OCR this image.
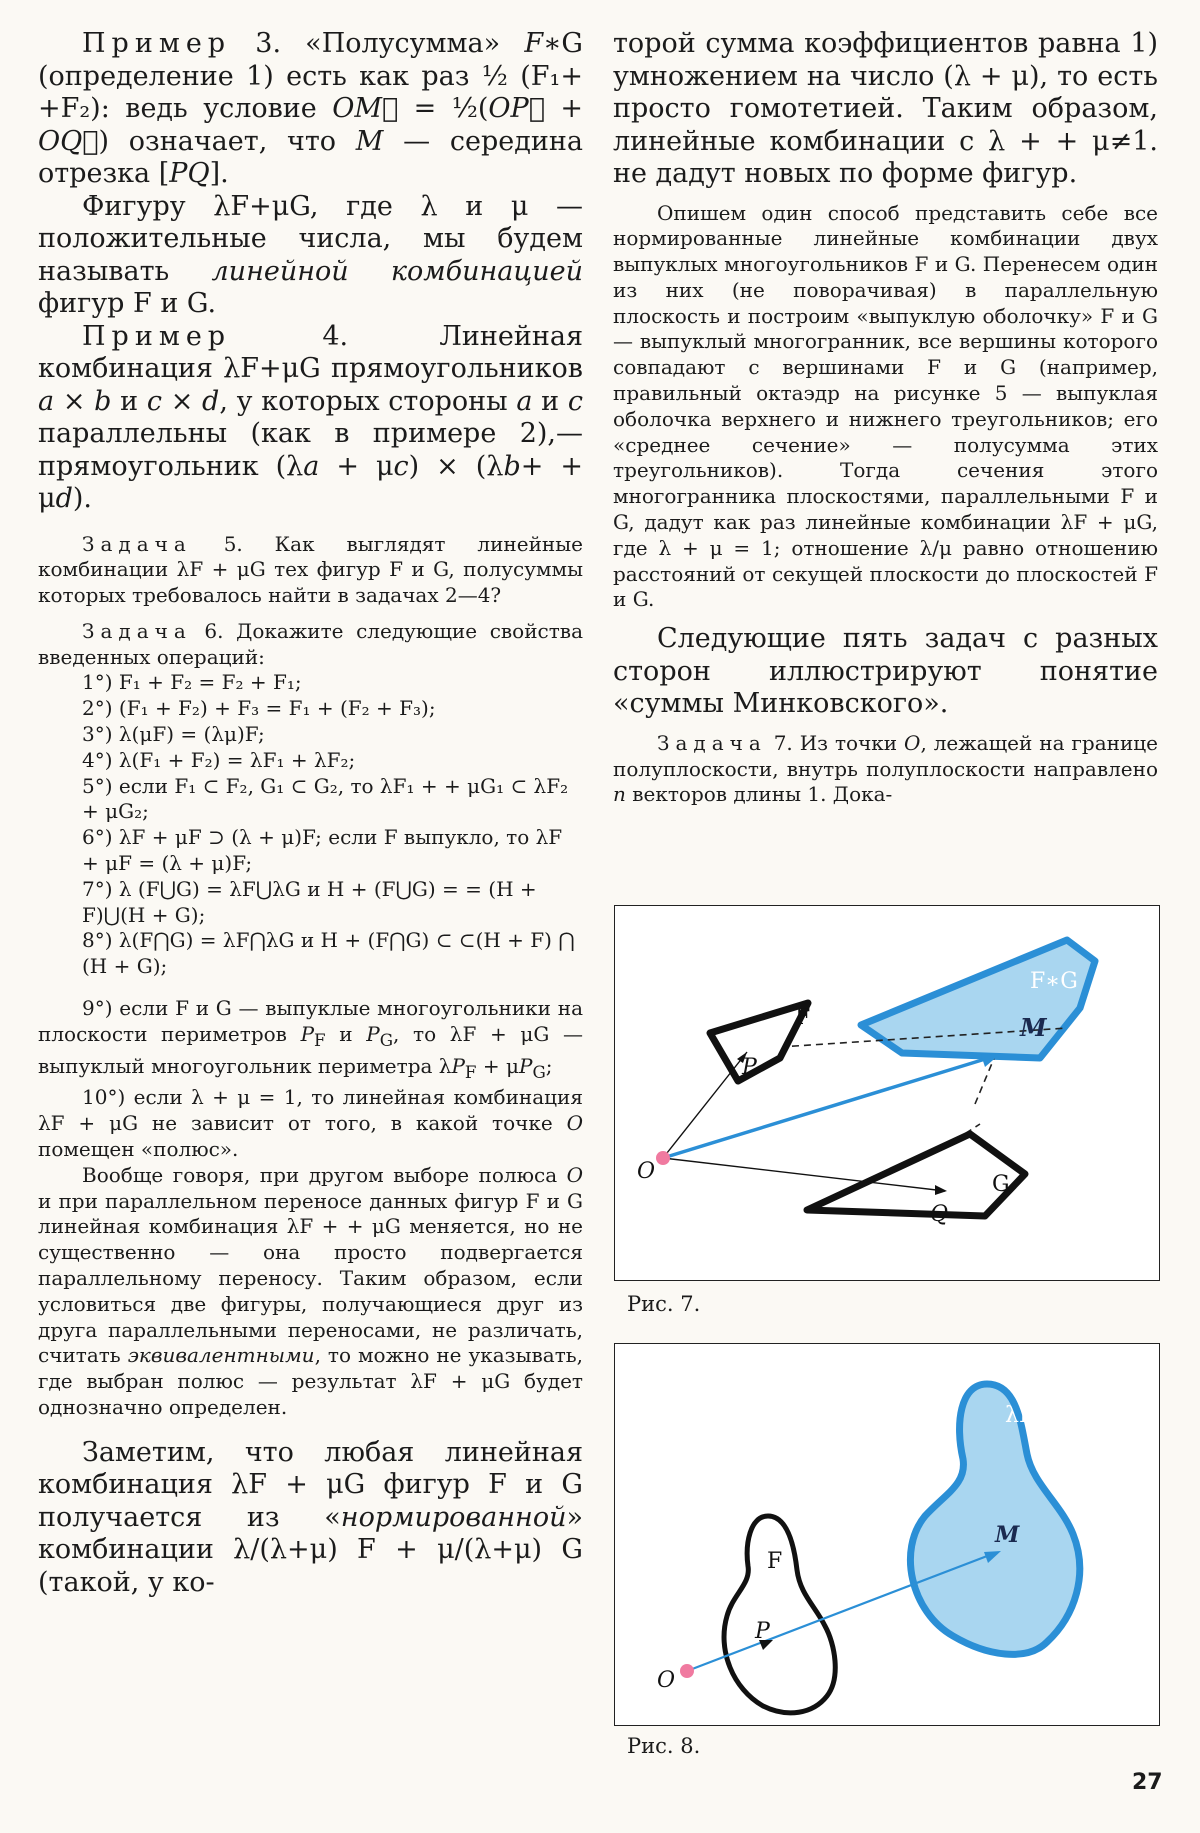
Пример 3. «Полусумма» F∗G (определение 1) есть как раз ½ (F₁+ +F₂): ведь условие OM⃗ = ½(OP⃗ + OQ⃗) означает, что M — середина отрезка [PQ].

Фигуру λF+μG, где λ и μ — положительные числа, мы будем называть линейной комбинацией фигур F и G.

Пример 4. Линейная комбинация λF+μG прямоугольников a × b и c × d, у которых стороны a и c параллельны (как в примере 2),— прямоугольник (λa + μc) × (λb+ + μd).

Задача 5. Как выглядят линейные комбинации λF + μG тех фигур F и G, полусуммы которых требовалось найти в задачах 2—4?

Задача 6. Докажите следующие свойства введенных операций:

1°) F₁ + F₂ = F₂ + F₁;

2°) (F₁ + F₂) + F₃ = F₁ + (F₂ + F₃);

3°) λ(μF) = (λμ)F;

4°) λ(F₁ + F₂) = λF₁ + λF₂;

5°) если F₁ ⊂ F₂, G₁ ⊂ G₂, то λF₁ + + μG₁ ⊂ λF₂ + μG₂;

6°) λF + μF ⊃ (λ + μ)F; если F выпукло, то λF + μF = (λ + μ)F;

7°) λ (F⋃G) = λF⋃λG и H + (F⋃G) = = (H + F)⋃(H + G);

8°) λ(F⋂G) = λF⋂λG и H + (F⋂G) ⊂ ⊂(H + F) ⋂ (H + G);

9°) если F и G — выпуклые многоугольники на плоскости периметров $P_F$ и $P_G$, то λF + μG — выпуклый многоугольник периметра $\lambda P_F + \mu P_G$;

10°) если λ + μ = 1, то линейная комбинация λF + μG не зависит от того, в какой точке O помещен «полюс».

Вообще говоря, при другом выборе полюса O и при параллельном переносе данных фигур F и G линейная комбинация λF + + μG меняется, но не существенно — она просто подвергается параллельному переносу. Таким образом, если условиться две фигуры, получающиеся друг из друга параллельными переносами, не различать, считать эквивалентными, то можно не указывать, где выбран полюс — результат λF + μG будет однозначно определен.

Заметим, что любая линейная комбинация λF + μG фигур F и G получается из «нормированной» комбинации λ/(λ+μ) F + μ/(λ+μ) G (такой, у ко-

торой сумма коэффициентов равна 1) умножением на число (λ + μ), то есть просто гомотетией. Таким образом, линейные комбинации с λ + + μ≠1. не дадут новых по форме фигур.

Опишем один способ представить себе все нормированные линейные комбинации двух выпуклых многоугольников F и G. Перенесем один из них (не поворачивая) в параллельную плоскость и построим «выпуклую оболочку» F и G — выпуклый многогранник, все вершины которого совпадают с вершинами F и G (например, правильный октаэдр на рисунке 5 — выпуклая оболочка верхнего и нижнего треугольников; его «среднее сечение» — полусумма этих треугольников). Тогда сечения этого многогранника плоскостями, параллельными F и G, дадут как раз линейные комбинации λF + μG, где λ + μ = 1; отношение λ/μ равно отношению расстояний от секущей плоскости до плоскостей F и G.

Следующие пять задач с разных сторон иллюстрируют понятие «суммы Минковского».

Задача 7. Из точки O, лежащей на границе полуплоскости, внутрь полуплоскости направлено n векторов длины 1. Дока-

F
P
F∗G
M
G
Q
O
Рис. 7.
λF
M
F
P
O
Рис. 8.
27
